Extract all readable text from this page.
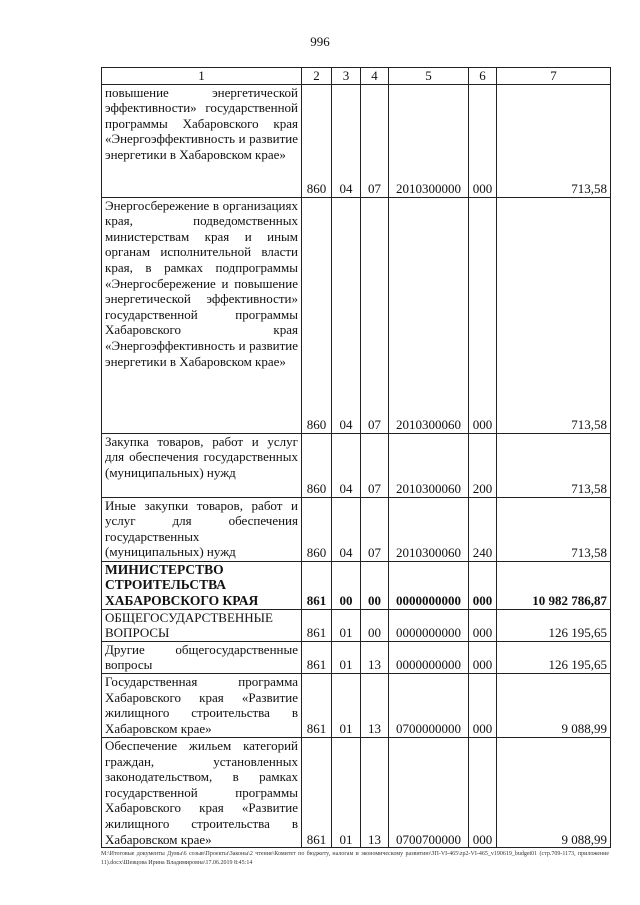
996
1	2	3	4	5	6	7
повышение энергетической эффективности» государственной программы Хабаровского края «Энергоэффективность и развитие энергетики в Хабаровском крае»	860	04	07	2010300000	000	713,58
Энергосбережение в организациях края, подведомственных министерствам края и иным органам исполнительной власти края, в рамках подпрограммы «Энергосбережение и повышение энергетической эффективности» государственной программы Хабаровского края «Энергоэффективность и развитие энергетики в Хабаровском крае»	860	04	07	2010300060	000	713,58
Закупка товаров, работ и услуг для обеспечения государственных (муниципальных) нужд	860	04	07	2010300060	200	713,58
Иные закупки товаров, работ и услуг для обеспечения государственных (муниципальных) нужд	860	04	07	2010300060	240	713,58
МИНИСТЕРСТВО СТРОИТЕЛЬСТВА ХАБАРОВСКОГО КРАЯ	861	00	00	0000000000	000	10 982 786,87
ОБЩЕГОСУДАРСТВЕННЫЕ ВОПРОСЫ	861	01	00	0000000000	000	126 195,65
Другие общегосударственные вопросы	861	01	13	0000000000	000	126 195,65
Государственная программа Хабаровского края «Развитие жилищного строительства в Хабаровском крае»	861	01	13	0700000000	000	9 088,99
Обеспечение жильем категорий граждан, установленных законодательством, в рамках государственной программы Хабаровского края «Развитие жилищного строительства в Хабаровском крае»	861	01	13	0700700000	000	9 088,99
M:\Итоговые документы Думы\6 созыв\Проекты\Законы\2 чтение\Комитет по бюджету, налогам и экономическому развитию\ЗП-VI-465\zp2-VI-465_v190619_budget01 (стр.709-1173, приложение 11).docx\Шевцова Ирина Владимировна\17.06.2019 8:45:14
